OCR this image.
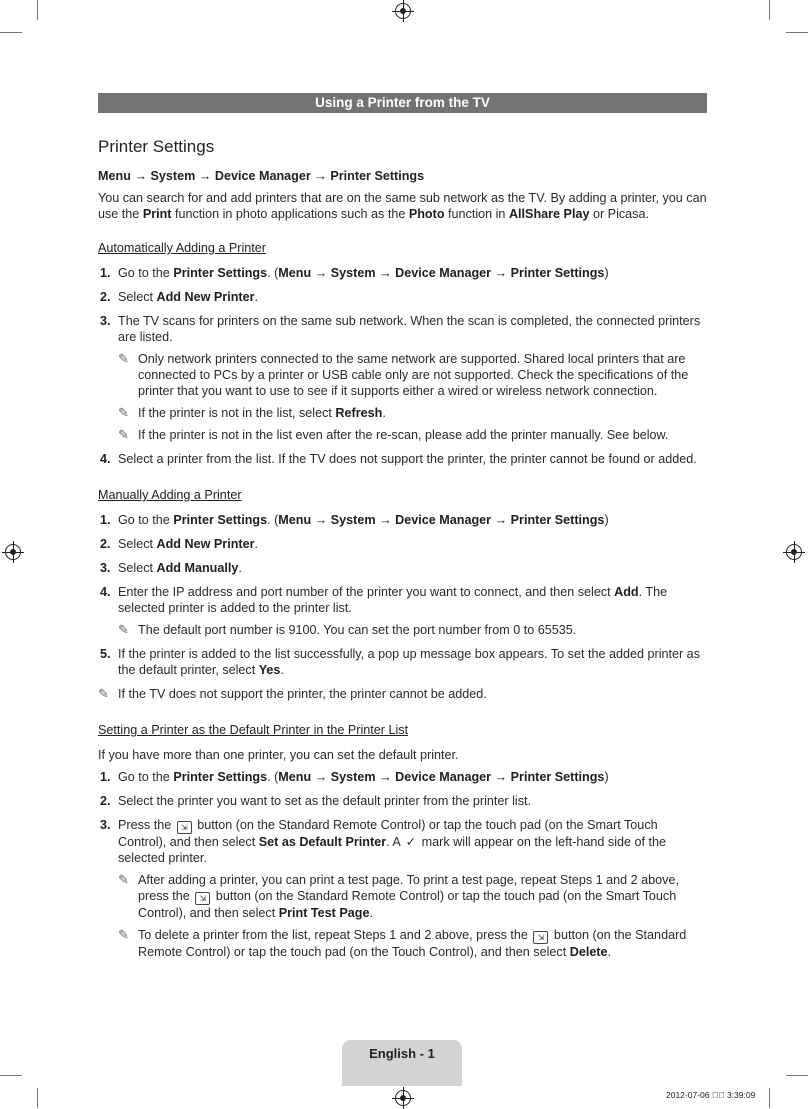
Using a Printer from the TV
Printer Settings

Menu → System → Device Manager → Printer Settings

You can search for and add printers that are on the same sub network as the TV. By adding a printer, you can use the Print function in photo applications such as the Photo function in AllShare Play or Picasa.

Automatically Adding a Printer
1. Go to the Printer Settings. (Menu → System → Device Manager → Printer Settings)
2. Select Add New Printer.
3. The TV scans for printers on the same sub network. When the scan is completed, the connected printers are listed.
✎ Only network printers connected to the same network are supported. Shared local printers that are connected to PCs by a printer or USB cable only are not supported. Check the specifications of the printer that you want to use to see if it supports either a wired or wireless network connection.
✎ If the printer is not in the list, select Refresh.
✎ If the printer is not in the list even after the re-scan, please add the printer manually. See below.
4. Select a printer from the list. If the TV does not support the printer, the printer cannot be found or added.
Manually Adding a Printer
1. Go to the Printer Settings. (Menu → System → Device Manager → Printer Settings)
2. Select Add New Printer.
3. Select Add Manually.
4. Enter the IP address and port number of the printer you want to connect, and then select Add. The selected printer is added to the printer list.
✎ The default port number is 9100. You can set the port number from 0 to 65535.
5. If the printer is added to the list successfully, a pop up message box appears. To set the added printer as the default printer, select Yes.
✎ If the TV does not support the printer, the printer cannot be added.
Setting a Printer as the Default Printer in the Printer List

If you have more than one printer, you can set the default printer.

1. Go to the Printer Settings. (Menu → System → Device Manager → Printer Settings)
2. Select the printer you want to set as the default printer from the printer list.
3. Press the ⇲ button (on the Standard Remote Control) or tap the touch pad (on the Smart Touch Control), and then select Set as Default Printer. A ✓ mark will appear on the left-hand side of the selected printer.
✎ After adding a printer, you can print a test page. To print a test page, repeat Steps 1 and 2 above, press the ⇲ button (on the Standard Remote Control) or tap the touch pad (on the Smart Touch Control), and then select Print Test Page.
✎ To delete a printer from the list, repeat Steps 1 and 2 above, press the ⇲ button (on the Standard Remote Control) or tap the touch pad (on the Touch Control), and then select Delete.
English - 1
2012-07-06 ￿￿ 3:39:09
